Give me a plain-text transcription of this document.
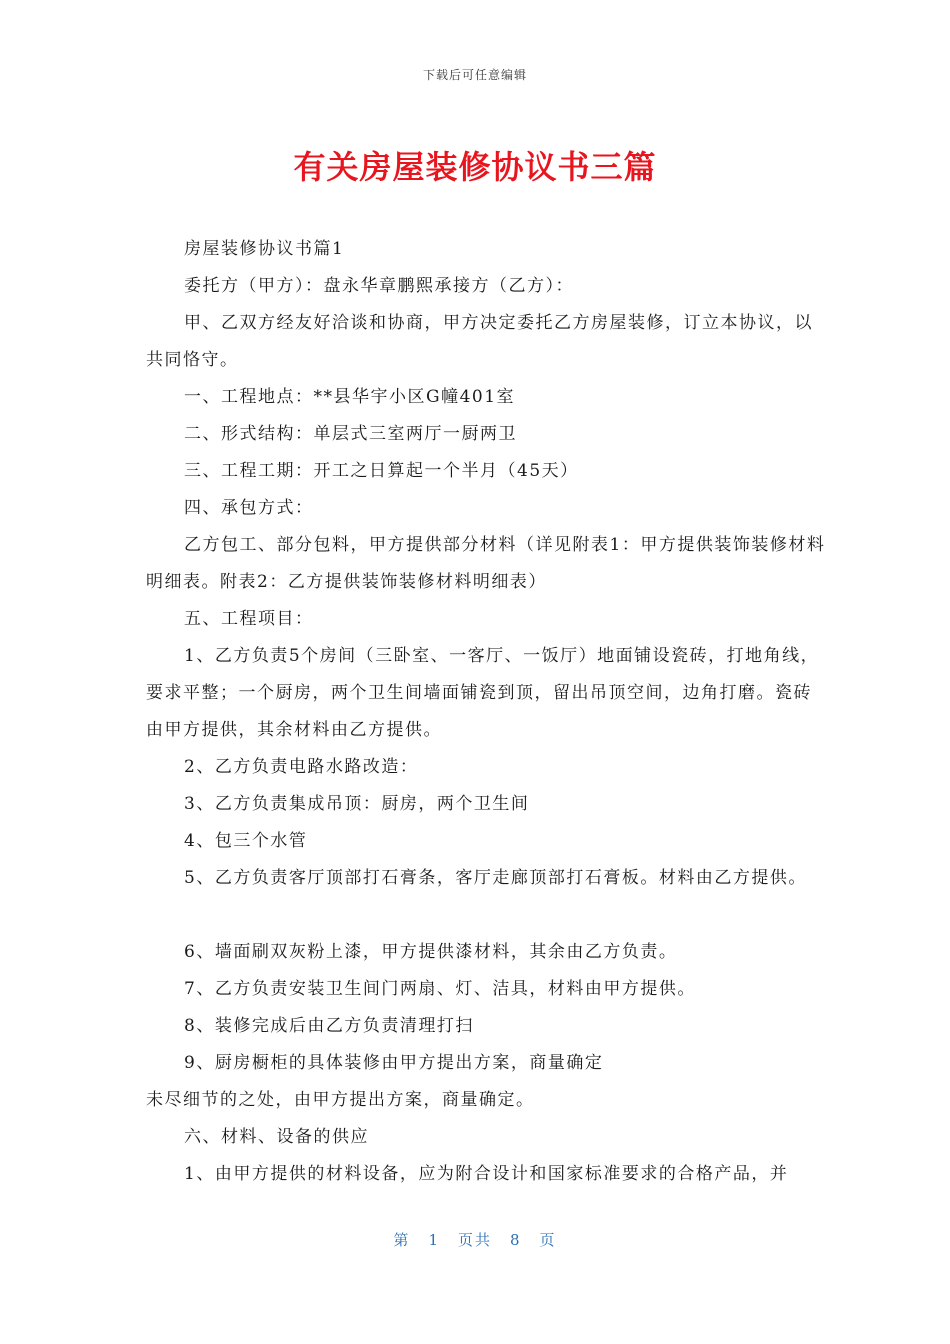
下载后可任意编辑
有关房屋装修协议书三篇

房屋装修协议书篇1

委托方（甲方）：盘永华章鹏熙承接方（乙方）：

甲、乙双方经友好洽谈和协商，甲方决定委托乙方房屋装修，订立本协议，以共同恪守。

一、工程地点：**县华宇小区G幢401室

二、形式结构：单层式三室两厅一厨两卫

三、工程工期：开工之日算起一个半月（45天）

四、承包方式：

乙方包工、部分包料，甲方提供部分材料（详见附表1：甲方提供装饰装修材料明细表。附表2：乙方提供装饰装修材料明细表）

五、工程项目：

1、乙方负责5个房间（三卧室、一客厅、一饭厅）地面铺设瓷砖，打地角线，要求平整；一个厨房，两个卫生间墙面铺瓷到顶，留出吊顶空间，边角打磨。瓷砖由甲方提供，其余材料由乙方提供。

2、乙方负责电路水路改造：

3、乙方负责集成吊顶：厨房，两个卫生间

4、包三个水管

5、乙方负责客厅顶部打石膏条，客厅走廊顶部打石膏板。材料由乙方提供。

6、墙面刷双灰粉上漆，甲方提供漆材料，其余由乙方负责。

7、乙方负责安装卫生间门两扇、灯、洁具，材料由甲方提供。

8、装修完成后由乙方负责清理打扫

9、厨房橱柜的具体装修由甲方提出方案，商量确定

未尽细节的之处，由甲方提出方案，商量确定。

六、材料、设备的供应

1、由甲方提供的材料设备，应为附合设计和国家标准要求的合格产品，并

第 1 页共 8 页
